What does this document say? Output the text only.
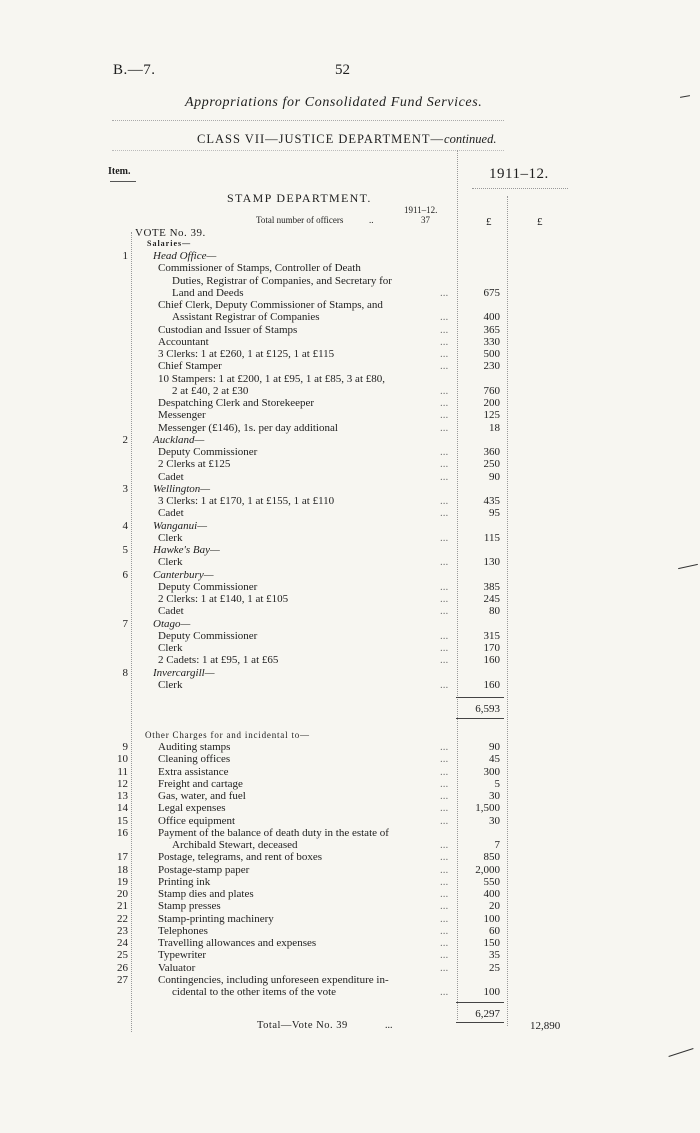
B.—7.	52
Appropriations for Consolidated Fund Services.
CLASS VII—JUSTICE DEPARTMENT—continued.
Item.	1911–12.
STAMP DEPARTMENT.
1911–12.
Total number of officers	..	37	£	£
VOTE No. 39.
Salaries—
1 Head Office—
Commissioner of Stamps, Controller of Death
Duties, Registrar of Companies, and Secretary for
Land and Deeds	...	675
Chief Clerk, Deputy Commissioner of Stamps, and
Assistant Registrar of Companies	...	400
Custodian and Issuer of Stamps	...	365
Accountant	...	330
3 Clerks: 1 at £260, 1 at £125, 1 at £115	...	500
Chief Stamper	...	230
10 Stampers: 1 at £200, 1 at £95, 1 at £85, 3 at £80,
2 at £40, 2 at £30	...	760
Despatching Clerk and Storekeeper	...	200
Messenger	...	125
Messenger (£146), 1s. per day additional	...	18
2 Auckland—
Deputy Commissioner	...	360
2 Clerks at £125	...	250
Cadet	...	90
3 Wellington—
3 Clerks: 1 at £170, 1 at £155, 1 at £110	...	435
Cadet	...	95
4 Wanganui—
Clerk	...	115
5 Hawke's Bay—
Clerk	...	130
6 Canterbury—
Deputy Commissioner	...	385
2 Clerks: 1 at £140, 1 at £105	...	245
Cadet	...	80
7 Otago—
Deputy Commissioner	...	315
Clerk	...	170
2 Cadets: 1 at £95, 1 at £65	...	160
8 Invercargill—
Clerk	...	160
6,593
Other Charges for and incidental to—
9	Auditing stamps	...	90
10	Cleaning offices	...	45
11	Extra assistance	...	300
12	Freight and cartage	...	5
13	Gas, water, and fuel	...	30
14	Legal expenses	...	1,500
15	Office equipment	...	30
16	Payment of the balance of death duty in the estate of
Archibald Stewart, deceased	...	7
17	Postage, telegrams, and rent of boxes	...	850
18	Postage-stamp paper	...	2,000
19	Printing ink	...	550
20	Stamp dies and plates	...	400
21	Stamp presses	...	20
22	Stamp-printing machinery	...	100
23	Telephones	...	60
24	Travelling allowances and expenses	...	150
25	Typewriter	...	35
26	Valuator	...	25
27	Contingencies, including unforeseen expenditure in-
cidental to the other items of the vote	...	100
6,297
Total—Vote No. 39	...	12,890
